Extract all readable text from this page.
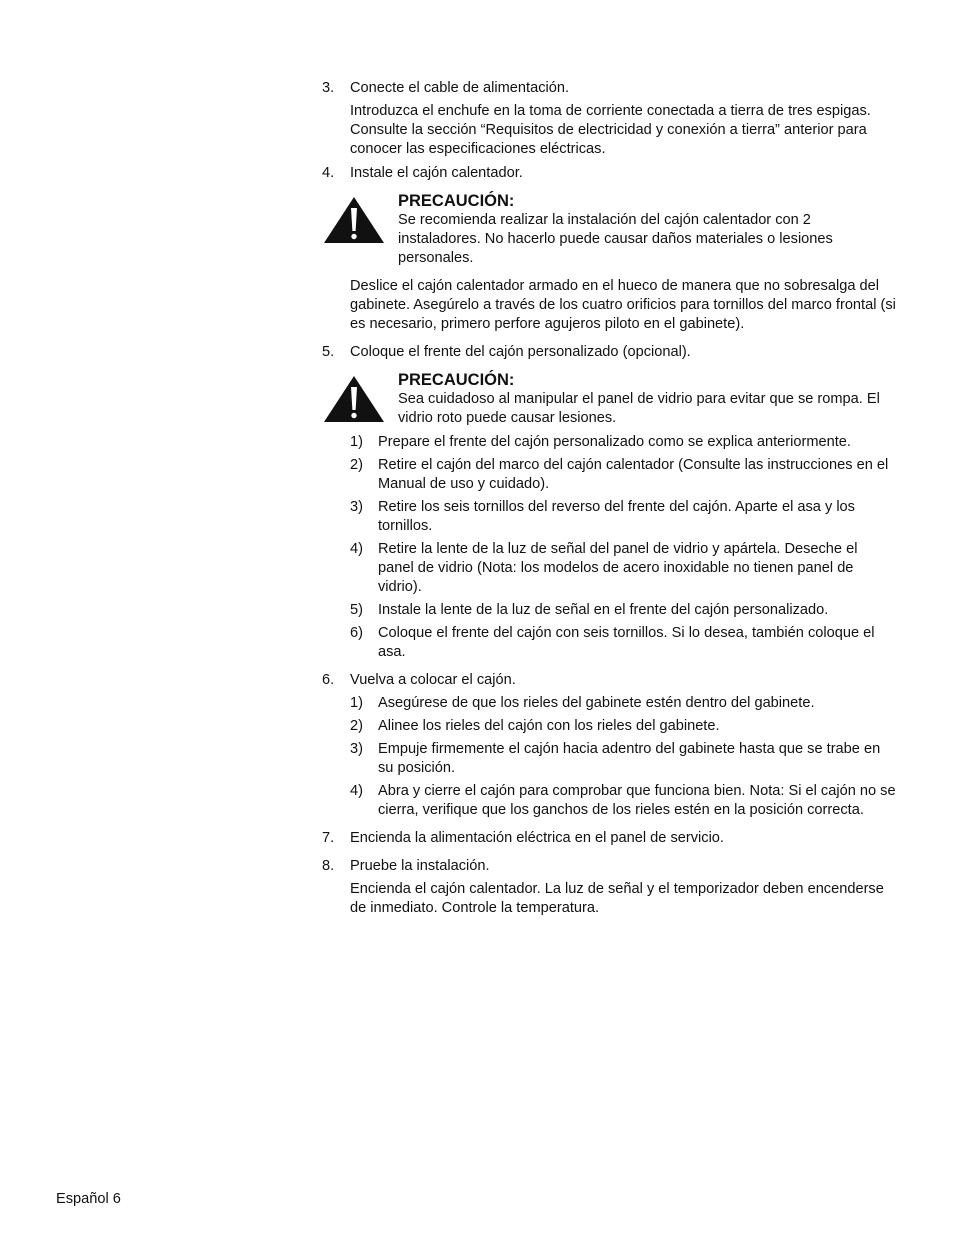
3. Conecte el cable de alimentación.

Introduzca el enchufe en la toma de corriente conectada a tierra de tres espigas. Consulte la sección “Requisitos de electricidad y conexión a tierra” anterior para conocer las especificaciones eléctricas.

4. Instale el cajón calentador.

PRECAUCIÓN:
Se recomienda realizar la instalación del cajón calentador con 2 instaladores. No hacerlo puede causar daños materiales o lesiones personales.

Deslice el cajón calentador armado en el hueco de manera que no sobresalga del gabinete. Asegúrelo a través de los cuatro orificios para tornillos del marco frontal (si es necesario, primero perfore agujeros piloto en el gabinete).

5. Coloque el frente del cajón personalizado (opcional).

PRECAUCIÓN:
Sea cuidadoso al manipular el panel de vidrio para evitar que se rompa. El vidrio roto puede causar lesiones.
1) Prepare el frente del cajón personalizado como se explica anteriormente.
2) Retire el cajón del marco del cajón calentador (Consulte las instrucciones en el Manual de uso y cuidado).
3) Retire los seis tornillos del reverso del frente del cajón. Aparte el asa y los tornillos.
4) Retire la lente de la luz de señal del panel de vidrio y apártela. Deseche el panel de vidrio (Nota: los modelos de acero inoxidable no tienen panel de vidrio).
5) Instale la lente de la luz de señal en el frente del cajón personalizado.
6) Coloque el frente del cajón con seis tornillos. Si lo desea, también coloque el asa.
6. Vuelva a colocar el cajón.

1) Asegúrese de que los rieles del gabinete estén dentro del gabinete.
2) Alinee los rieles del cajón con los rieles del gabinete.
3) Empuje firmemente el cajón hacia adentro del gabinete hasta que se trabe en su posición.
4) Abra y cierre el cajón para comprobar que funciona bien. Nota: Si el cajón no se cierra, verifique que los ganchos de los rieles estén en la posición correcta.
7. Encienda la alimentación eléctrica en el panel de servicio.

8. Pruebe la instalación.

Encienda el cajón calentador. La luz de señal y el temporizador deben encenderse de inmediato. Controle la temperatura.

Español 6
